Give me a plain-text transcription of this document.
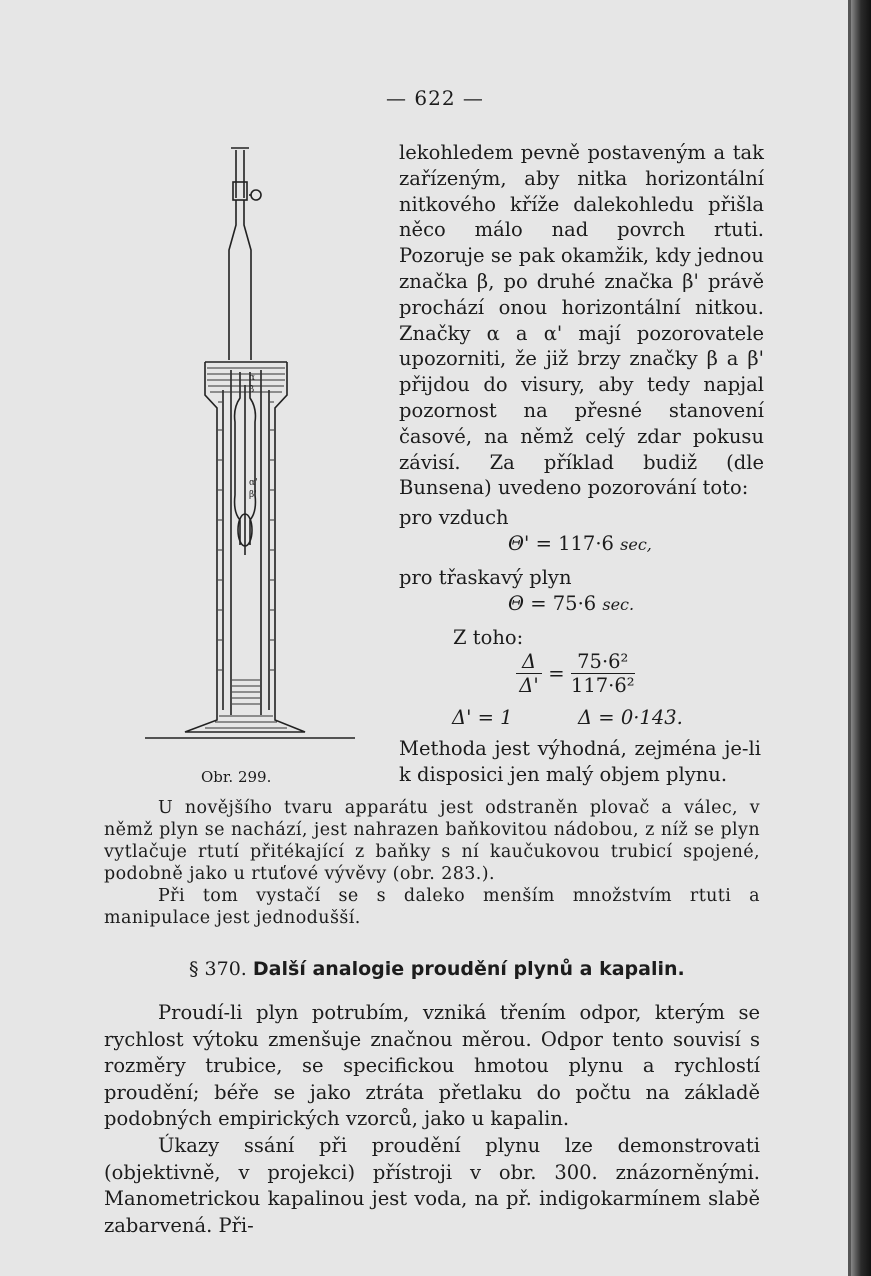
— 622 —
α
β
α'
β'
Obr. 299.

lekohledem pevně postaveným a tak zařízeným, aby nitka horizontální nitkového kříže dalekohledu přišla něco málo nad povrch rtuti. Pozoruje se pak okamžik, kdy jednou značka β, po druhé značka β' právě prochází onou horizontální nitkou. Značky α a α' mají pozorovatele upozorniti, že již brzy značky β a β' přijdou do visury, aby tedy napjal pozornost na přesné stanovení časové, na němž celý zdar pokusu závisí. Za příklad budiž (dle Bunsena) uvedeno pozorování toto:

pro vzduch
Θ' = 117·6 sec,
pro třaskavý plyn
Θ = 75·6 sec.
Z toho:
$\frac{\Delta}{\Delta'} = \frac{\text{75·6²}}{\text{117·6²}}$
Δ' = 1	Δ = 0·143.

Methoda jest výhodná, zejména je-li k disposici jen malý objem plynu.

U novějšího tvaru apparátu jest odstraněn plovač a válec, v němž plyn se nachází, jest nahrazen baňkovitou nádobou, z níž se plyn vytlačuje rtutí přitékající z baňky s ní kaučukovou trubicí spojené, podobně jako u rtuťové vývěvy (obr. 283.).

Při tom vystačí se s daleko menším množstvím rtuti a manipulace jest jednodušší.

§ 370. Další analogie proudění plynů a kapalin.

Proudí-li plyn potrubím, vzniká třením odpor, kterým se rychlost výtoku zmenšuje značnou měrou. Odpor tento souvisí s rozměry trubice, se specifickou hmotou plynu a rychlostí proudění; béře se jako ztráta přetlaku do počtu na základě podobných empirických vzorců, jako u kapalin.

Úkazy ssání při proudění plynu lze demonstrovati (objektivně, v projekci) přístroji v obr. 300. znázorněnými. Manometrickou kapalinou jest voda, na př. indigokarmínem slabě zabarvená. Při-
